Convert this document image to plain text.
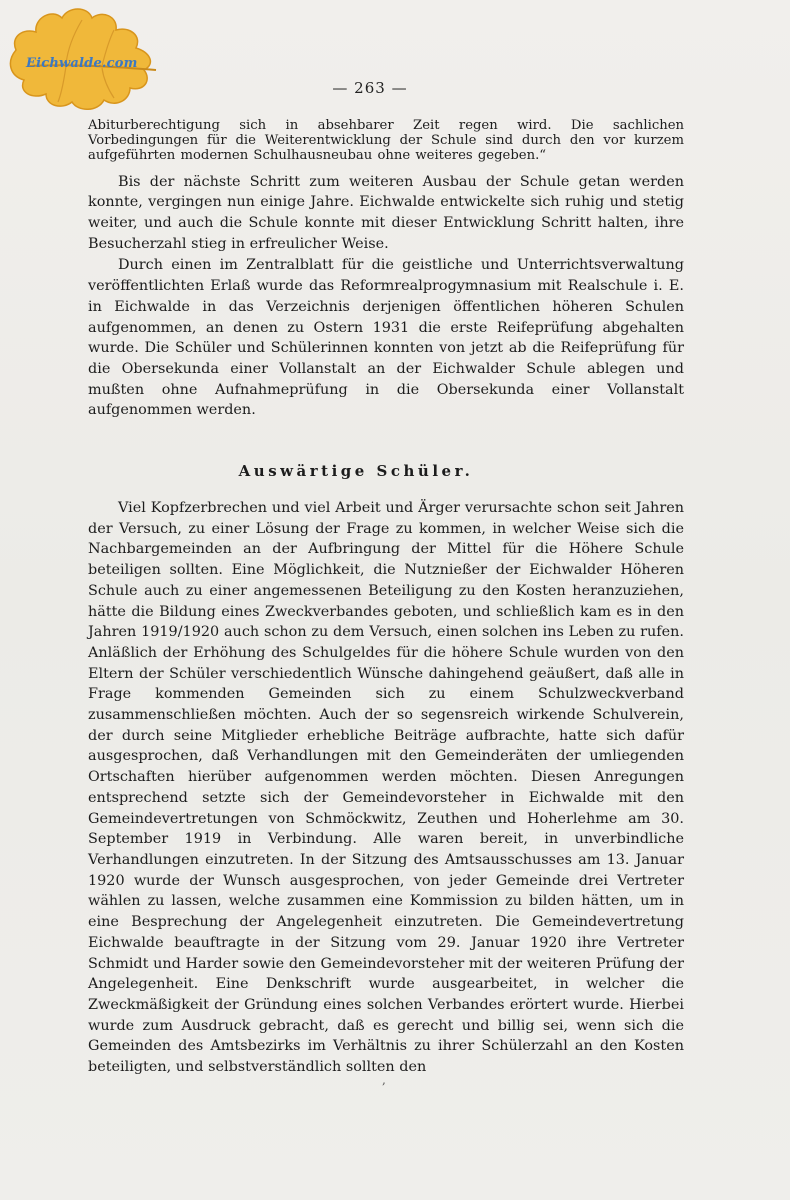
Eichwalde.com
— 263 —

Abiturberechtigung sich in absehbarer Zeit regen wird. Die sachlichen Vorbedingungen für die Weiterentwicklung der Schule sind durch den vor kurzem aufgeführten modernen Schulhausneubau ohne weiteres gegeben.“

Bis der nächste Schritt zum weiteren Ausbau der Schule getan werden konnte, vergingen nun einige Jahre. Eichwalde entwickelte sich ruhig und stetig weiter, und auch die Schule konnte mit dieser Entwicklung Schritt halten, ihre Besucherzahl stieg in erfreulicher Weise.

Durch einen im Zentralblatt für die geistliche und Unterrichtsverwaltung veröffentlichten Erlaß wurde das Reformrealprogymnasium mit Realschule i. E. in Eichwalde in das Verzeichnis derjenigen öffentlichen höheren Schulen aufgenommen, an denen zu Ostern 1931 die erste Reifeprüfung abgehalten wurde. Die Schüler und Schülerinnen konnten von jetzt ab die Reifeprüfung für die Obersekunda einer Vollanstalt an der Eichwalder Schule ablegen und mußten ohne Aufnahmeprüfung in die Obersekunda einer Vollanstalt aufgenommen werden.

Auswärtige Schüler.

Viel Kopfzerbrechen und viel Arbeit und Ärger verursachte schon seit Jahren der Versuch, zu einer Lösung der Frage zu kommen, in welcher Weise sich die Nachbargemeinden an der Aufbringung der Mittel für die Höhere Schule beteiligen sollten. Eine Möglichkeit, die Nutznießer der Eichwalder Höheren Schule auch zu einer angemessenen Beteiligung zu den Kosten heranzuziehen, hätte die Bildung eines Zweckverbandes geboten, und schließlich kam es in den Jahren 1919/1920 auch schon zu dem Versuch, einen solchen ins Leben zu rufen. Anläßlich der Erhöhung des Schulgeldes für die höhere Schule wurden von den Eltern der Schüler verschiedentlich Wünsche dahingehend geäußert, daß alle in Frage kommenden Gemeinden sich zu einem Schulzweckverband zusammenschließen möchten. Auch der so segensreich wirkende Schulverein, der durch seine Mitglieder erhebliche Beiträge aufbrachte, hatte sich dafür ausgesprochen, daß Verhandlungen mit den Gemeinderäten der umliegenden Ortschaften hierüber aufgenommen werden möchten. Diesen Anregungen entsprechend setzte sich der Gemeindevorsteher in Eichwalde mit den Gemeindevertretungen von Schmöckwitz, Zeuthen und Hoherlehme am 30. September 1919 in Verbindung. Alle waren bereit, in unverbindliche Verhandlungen einzutreten. In der Sitzung des Amtsausschusses am 13. Januar 1920 wurde der Wunsch ausgesprochen, von jeder Gemeinde drei Vertreter wählen zu lassen, welche zusammen eine Kommission zu bilden hätten, um in eine Besprechung der Angelegenheit einzutreten. Die Gemeindevertretung Eichwalde beauftragte in der Sitzung vom 29. Januar 1920 ihre Vertreter Schmidt und Harder sowie den Gemeindevorsteher mit der weiteren Prüfung der Angelegenheit. Eine Denkschrift wurde ausgearbeitet, in welcher die Zweckmäßigkeit der Gründung eines solchen Verbandes erörtert wurde. Hierbei wurde zum Ausdruck gebracht, daß es gerecht und billig sei, wenn sich die Gemeinden des Amtsbezirks im Verhältnis zu ihrer Schülerzahl an den Kosten beteiligten, und selbstverständlich sollten den

,
